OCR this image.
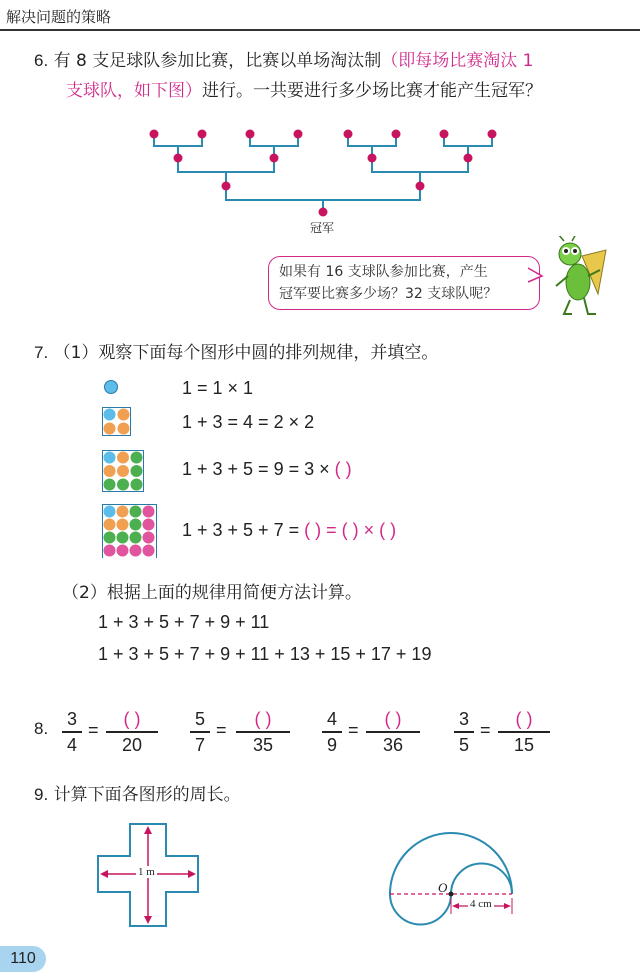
解决问题的策略
6. 有 8 支足球队参加比赛，比赛以单场淘汰制（即每场比赛淘汰 1
支球队，如下图）进行。一共要进行多少场比赛才能产生冠军？
冠军
如果有 16 支球队参加比赛，产生
冠军要比赛多少场？32 支球队呢？
7. （1）观察下面每个图形中圆的排列规律，并填空。
1 = 1 × 1
1 + 3 = 4 = 2 × 2
1 + 3 + 5 = 9 = 3 × ( )
1 + 3 + 5 + 7 = ( ) = ( ) × ( )
（2）根据上面的规律用简便方法计算。
1 + 3 + 5 + 7 + 9 + 11
1 + 3 + 5 + 7 + 9 + 11 + 13 + 15 + 17 + 19
8. 3
4
=
( )
20
5
7
=
( )
35
4
9
=
( )
36
3
5
=
( )
15
9. 计算下面各图形的周长。
1 m
O
4 cm
110
